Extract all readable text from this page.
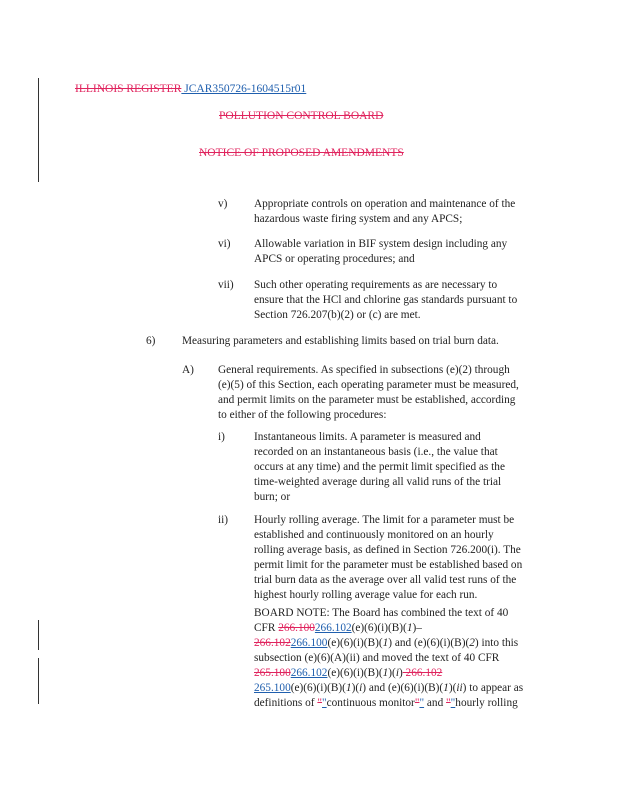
ILLINOIS REGISTER JCAR350726-1604515r01
POLLUTION CONTROL BOARD
NOTICE OF PROPOSED AMENDMENTS
v) Appropriate controls on operation and maintenance of the
hazardous waste firing system and any APCS;
vi) Allowable variation in BIF system design including any
APCS or operating procedures; and
vii) Such other operating requirements as are necessary to
ensure that the HCl and chlorine gas standards pursuant to
Section 726.207(b)(2) or (c) are met.
6) Measuring parameters and establishing limits based on trial burn data.
A) General requirements. As specified in subsections (e)(2) through
(e)(5) of this Section, each operating parameter must be measured,
and permit limits on the parameter must be established, according
to either of the following procedures:
i)	Instantaneous limits. A parameter is measured and
recorded on an instantaneous basis (i.e., the value that
occurs at any time) and the permit limit specified as the
time-weighted average during all valid runs of the trial
burn; or
ii) Hourly rolling average. The limit for a parameter must be
established and continuously monitored on an hourly
rolling average basis, as defined in Section 726.200(i). The
permit limit for the parameter must be established based on
trial burn data as the average over all valid test runs of the
highest hourly rolling average value for each run.
BOARD NOTE: The Board has combined the text of 40
CFR 266.100266.102(e)(6)(i)(B)(1)–
266.102266.100(e)(6)(i)(B)(1) and (e)(6)(i)(B)(2) into this
subsection (e)(6)(A)(ii) and moved the text of 40 CFR
265.100266.102(e)(6)(i)(B)(1)(i) 266.102
265.100(e)(6)(i)(B)(1)(i) and (e)(6)(i)(B)(1)(ii) to appear as
definitions of ""continuous monitor"" and ""hourly rolling
